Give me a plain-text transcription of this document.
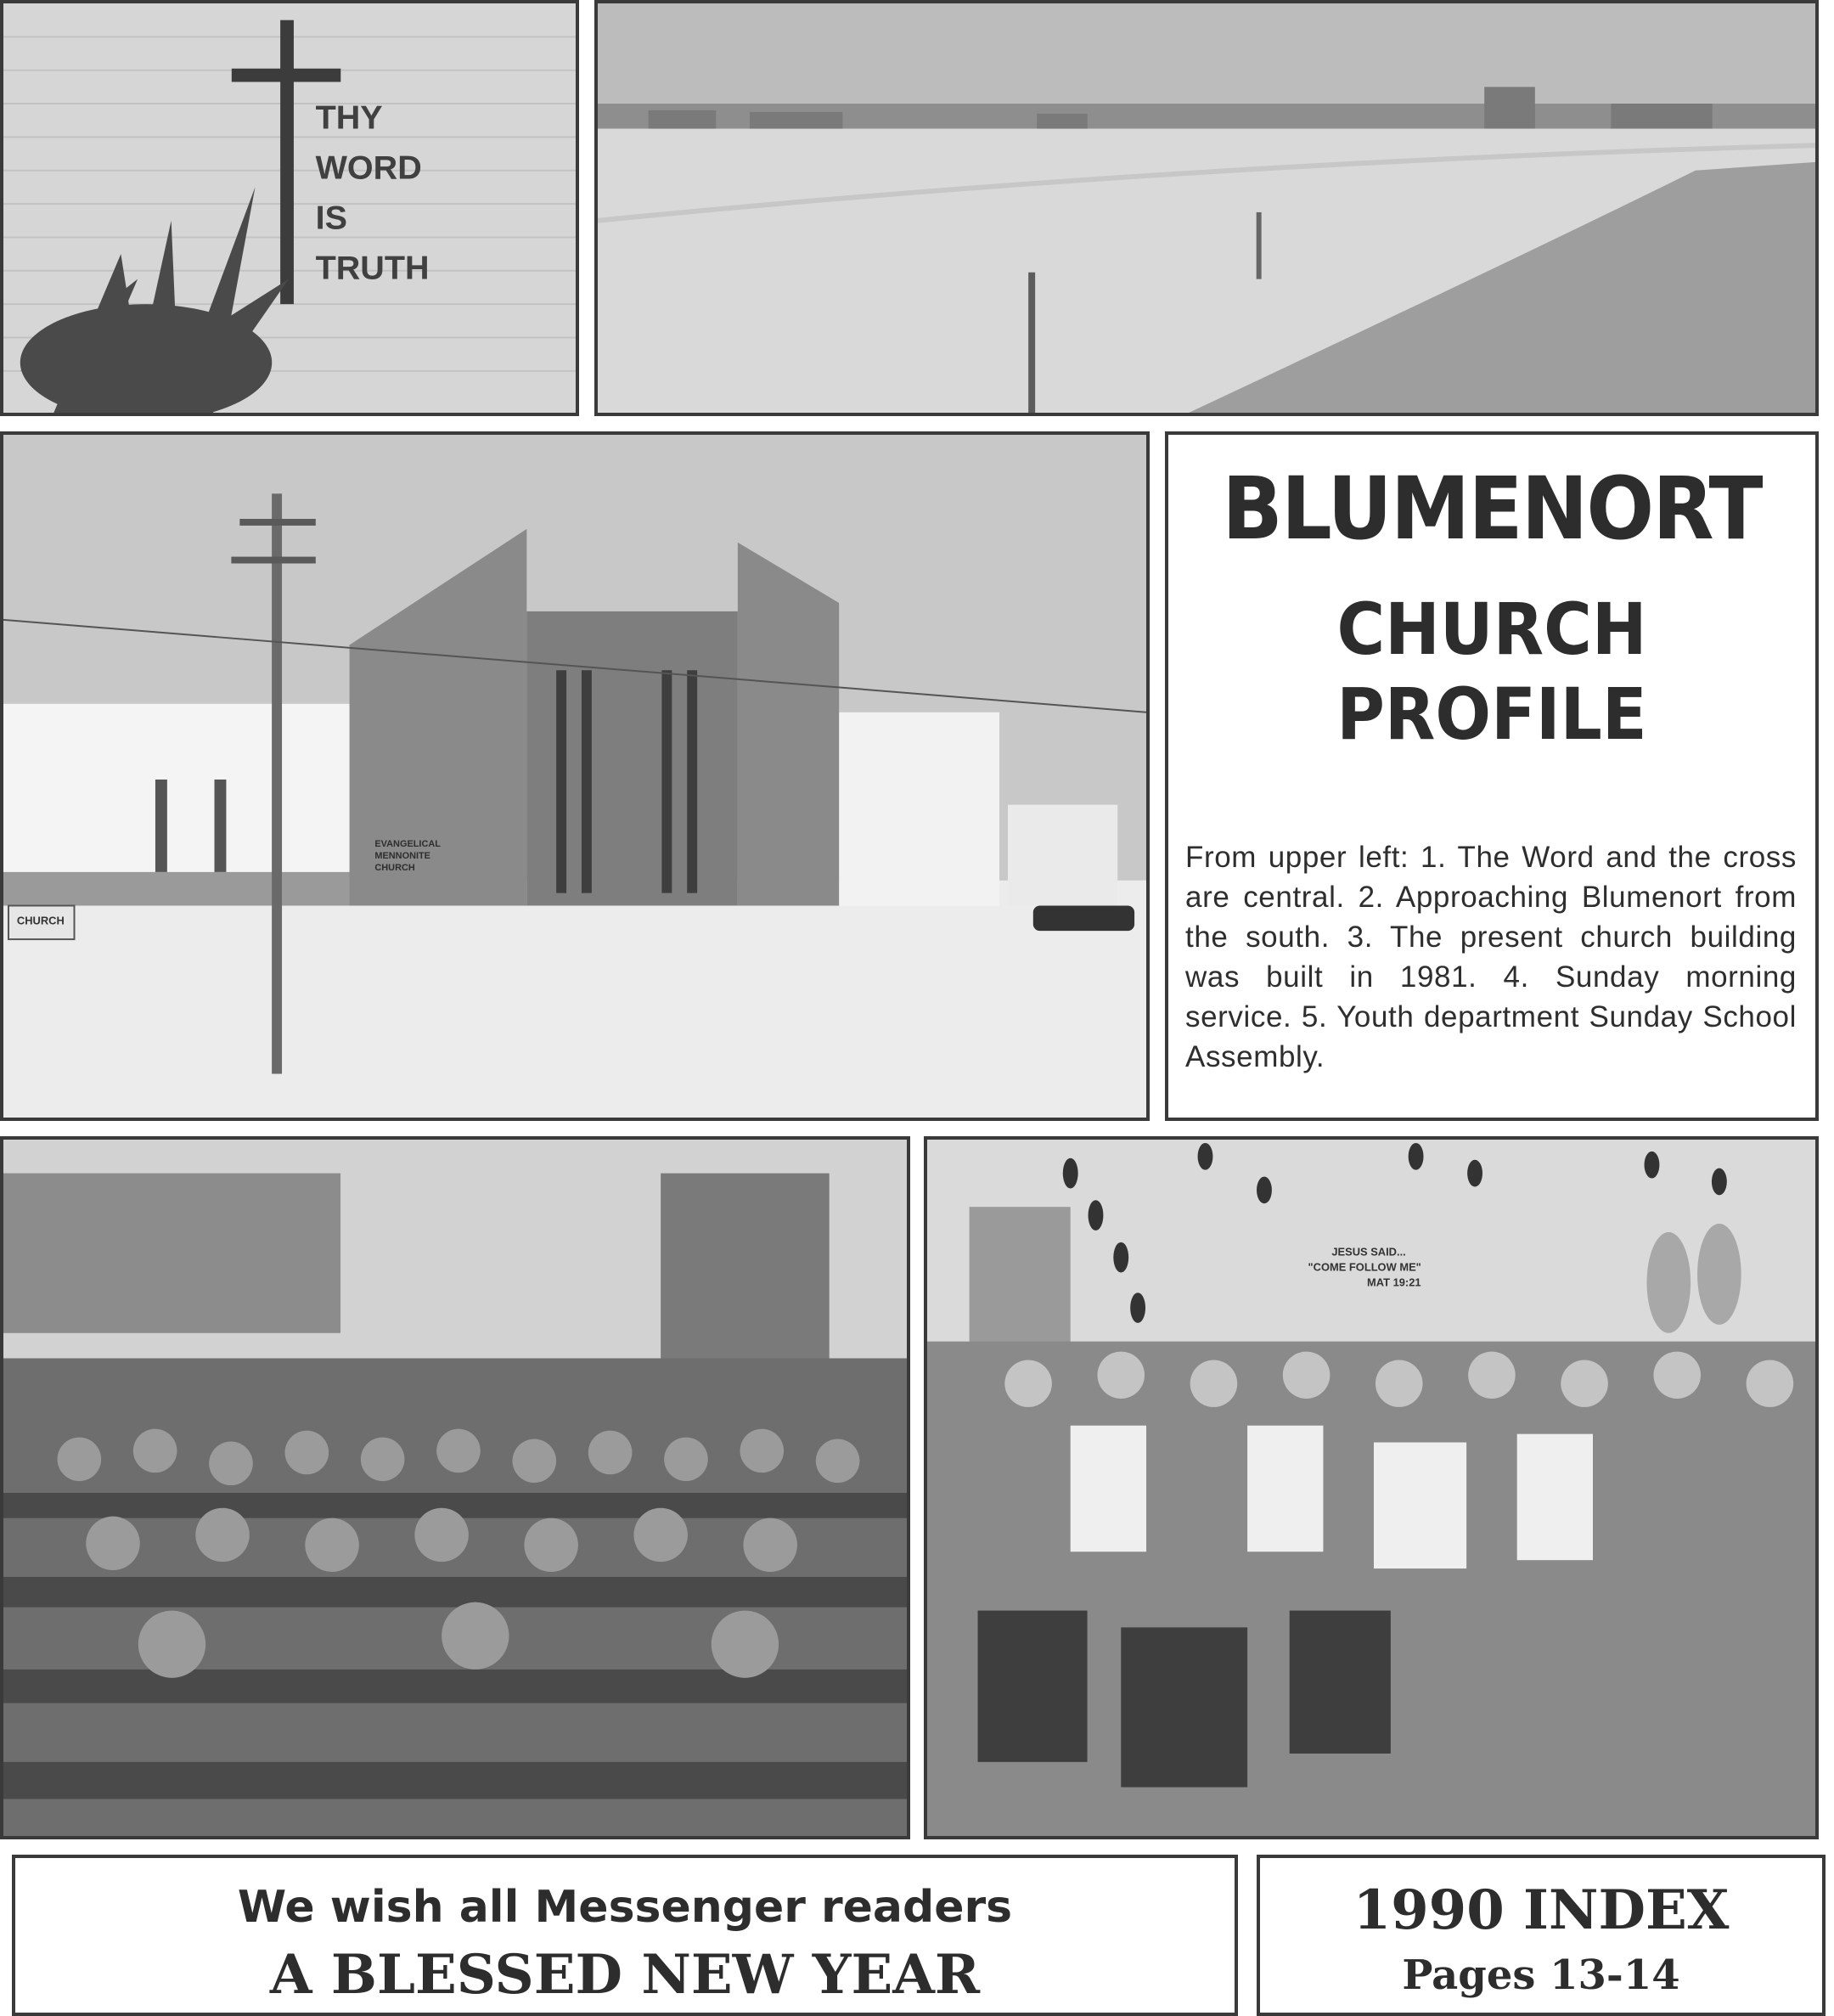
THY
WORD
IS
TRUTH
EVANGELICAL
MENNONITE
CHURCH
CHURCH
BLUMENORT
CHURCH
PROFILE
From upper left: 1. The Word and the cross are central. 2. Approaching Blumenort from the south. 3. The present church building was built in 1981. 4. Sunday morning service. 5. Youth department Sunday School Assembly.
JESUS SAID...
"COME FOLLOW ME"
MAT 19:21
We wish all Messenger readers
A BLESSED NEW YEAR
1990 INDEX
Pages 13-14
